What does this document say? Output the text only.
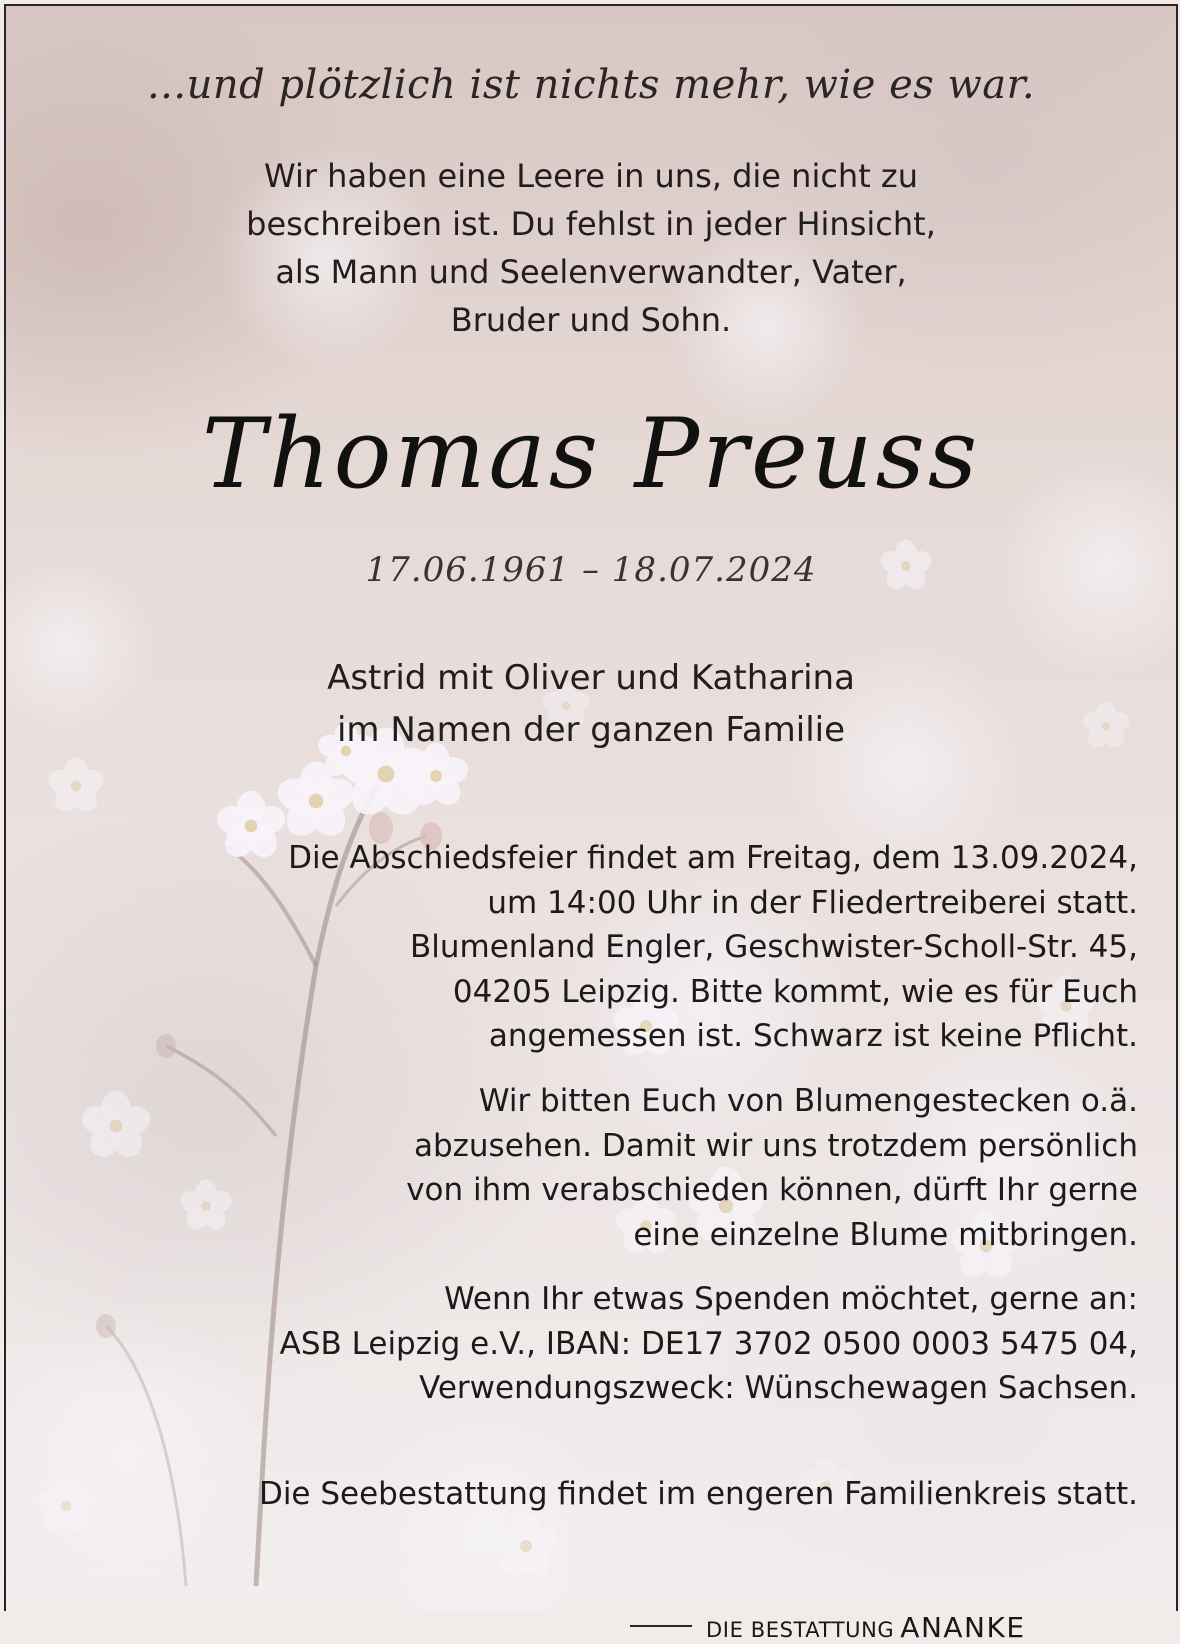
...und plötzlich ist nichts mehr, wie es war.

Wir haben eine Leere in uns, die nicht zu
beschreiben ist. Du fehlst in jeder Hinsicht,
als Mann und Seelenverwandter, Vater,
Bruder und Sohn.

Thomas Preuss

17.06.1961 – 18.07.2024

Astrid mit Oliver und Katharina
im Namen der ganzen Familie
Die Abschiedsfeier findet am Freitag, dem 13.09.2024,
um 14:00 Uhr in der Fliedertreiberei statt.
Blumenland Engler, Geschwister-Scholl-Str. 45,
04205 Leipzig. Bitte kommt, wie es für Euch
angemessen ist. Schwarz ist keine Pflicht.
Wir bitten Euch von Blumengestecken o.ä.
abzusehen. Damit wir uns trotzdem persönlich
von ihm verabschieden können, dürft Ihr gerne
eine einzelne Blume mitbringen.
Wenn Ihr etwas Spenden möchtet, gerne an:
ASB Leipzig e.V., IBAN: DE17 3702 0500 0003 5475 04,
Verwendungszweck: Wünschewagen Sachsen.
Die Seebestattung findet im engeren Familienkreis statt.
DIE BESTATTUNG ANANKE
